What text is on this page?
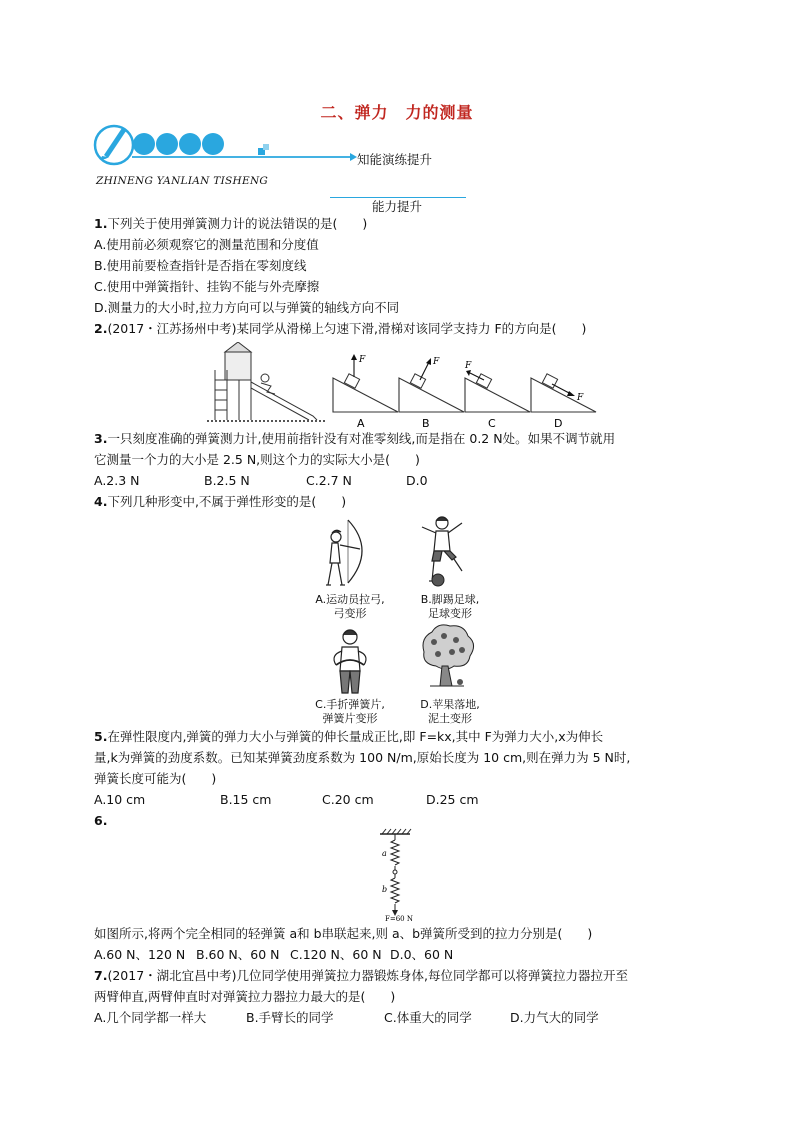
二、弹力　力的测量
知能演练提升
ZHINENG YANLIAN TISHENG
能力提升
1.下列关于使用弹簧测力计的说法错误的是(　　)
A.使用前必须观察它的测量范围和分度值
B.使用前要检查指针是否指在零刻度线
C.使用中弹簧指针、挂钩不能与外壳摩擦
D.测量力的大小时,拉力方向可以与弹簧的轴线方向不同
2.(2017・江苏扬州中考)某同学从滑梯上匀速下滑,滑梯对该同学支持力 F的方向是(　　)
F	F	F
F
A	B	C	D
3.一只刻度准确的弹簧测力计,使用前指针没有对准零刻线,而是指在 0.2 N处。如果不调节就用
它测量一个力的大小是 2.5 N,则这个力的实际大小是(　　)
A.2.3 N	B.2.5 N	C.2.7 N	D.0
4.下列几种形变中,不属于弹性形变的是(　　)
A.运动员拉弓,
弓变形
B.脚踢足球,
足球变形
C.手折弹簧片,
弹簧片变形
D.苹果落地,
泥土变形
5.在弹性限度内,弹簧的弹力大小与弹簧的伸长量成正比,即 F=kx,其中 F为弹力大小,x为伸长
量,k为弹簧的劲度系数。已知某弹簧劲度系数为 100 N/m,原始长度为 10 cm,则在弹力为 5 N时,
弹簧长度可能为(　　)
A.10 cm	B.15 cm	C.20 cm	D.25 cm
6.
a
b
F=60 N
如图所示,将两个完全相同的轻弹簧 a和 b串联起来,则 a、b弹簧所受到的拉力分别是(　　)
A.60 N、120 N B.60 N、60 N C.120 N、60 N D.0、60 N
7.(2017・湖北宜昌中考)几位同学使用弹簧拉力器锻炼身体,每位同学都可以将弹簧拉力器拉开至
两臂伸直,两臂伸直时对弹簧拉力器拉力最大的是(　　)
A.几个同学都一样大	B.手臂长的同学	C.体重大的同学	D.力气大的同学
